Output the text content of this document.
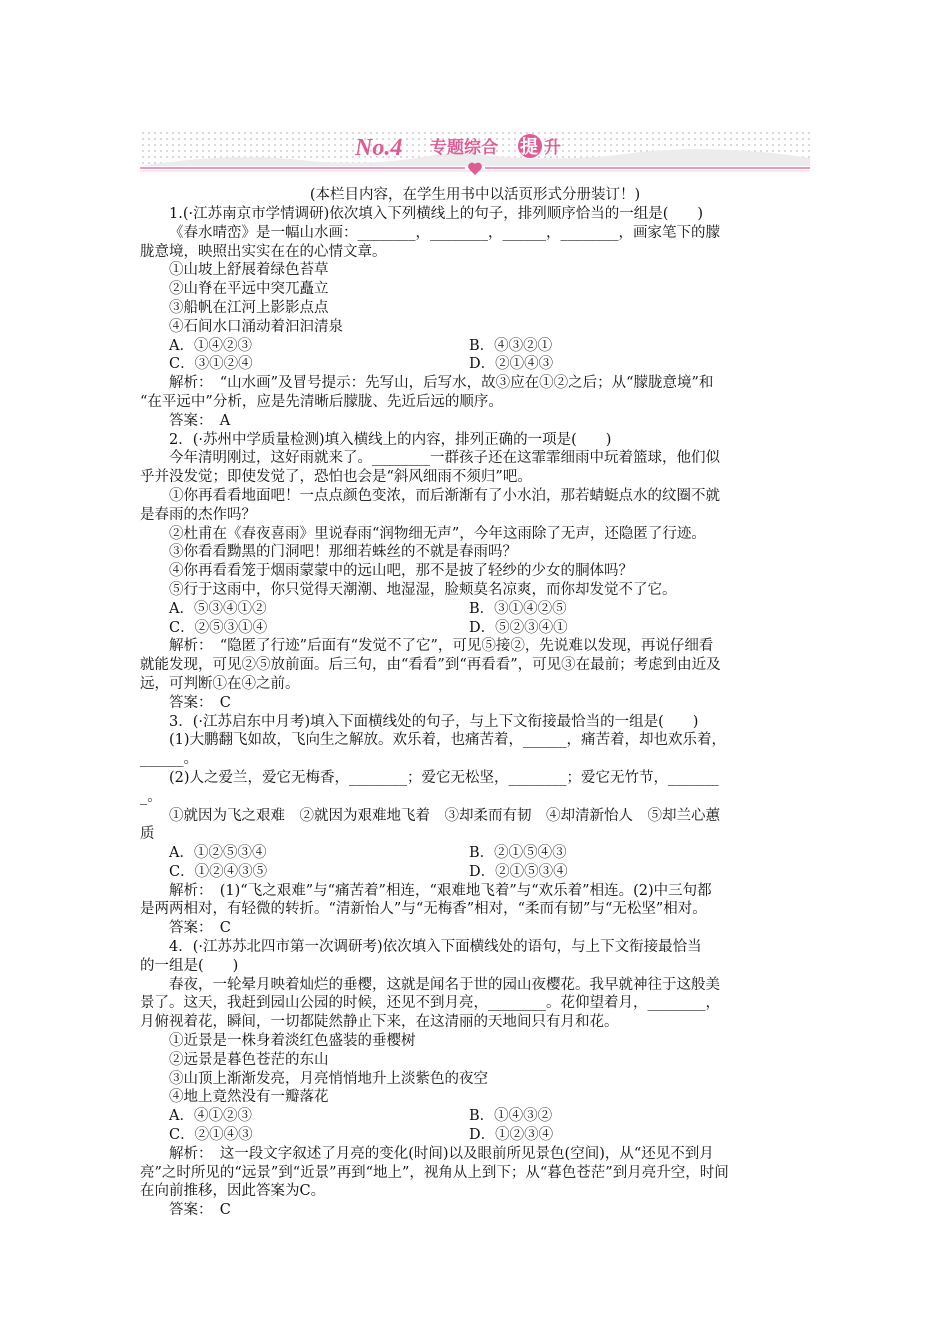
No.4 专题综合 提 升
(本栏目内容，在学生用书中以活页形式分册装订！)
1.(·江苏南京市学情调研)依次填入下列横线上的句子，排列顺序恰当的一组是(　　)
《春水晴峦》是一幅山水画：________，________，______，________，画家笔下的朦
胧意境，映照出实实在在的心情文章。
①山坡上舒展着绿色苔草
②山脊在平远中突兀矗立
③船帆在江河上影影点点
④石间水口涌动着汩汩清泉
A．①④②③	B．④③②①
C．③①②④	D．②①④③
解析：　“山水画”及冒号提示：先写山，后写水，故③应在①②之后；从“朦胧意境”和
“在平远中”分析，应是先清晰后朦胧、先近后远的顺序。
答案：　A
2．(·苏州中学质量检测)填入横线上的内容，排列正确的一项是(　　)
今年清明刚过，这好雨就来了。________一群孩子还在这霏霏细雨中玩着篮球，他们似
乎并没发觉；即使发觉了，恐怕也会是“斜风细雨不须归”吧。
①你再看看地面吧！一点点颜色变浓，而后渐渐有了小水泊，那若蜻蜓点水的纹圈不就
是春雨的杰作吗？
②杜甫在《春夜喜雨》里说春雨“润物细无声”，今年这雨除了无声，还隐匿了行迹。
③你看看黝黑的门洞吧！那细若蛛丝的不就是春雨吗？
④你再看看笼于烟雨蒙蒙中的远山吧，那不是披了轻纱的少女的胴体吗？
⑤行于这雨中，你只觉得天潮潮、地湿湿，脸颊莫名凉爽，而你却发觉不了它。
A．⑤③④①②	B．③①④②⑤
C．②⑤③①④	D．⑤②③④①
解析：　“隐匿了行迹”后面有“发觉不了它”，可见⑤接②，先说难以发现，再说仔细看
就能发现，可见②⑤放前面。后三句，由“看看”到“再看看”，可见③在最前；考虑到由近及
远，可判断①在④之前。
答案：　C
3．(·江苏启东中月考)填入下面横线处的句子，与上下文衔接最恰当的一组是(　　)
(1)大鹏翻飞如故，飞向生之解放。欢乐着，也痛苦着，______，痛苦着，却也欢乐着，
______。
(2)人之爱兰，爱它无梅香，________；爱它无松坚，________；爱它无竹节，_______
_。
①就因为飞之艰难　②就因为艰难地飞着　③却柔而有韧　④却清新怡人　⑤却兰心蕙
质
A．①②⑤③④	B．②①⑤④③
C．①②④③⑤	D．②①⑤③④
解析：　(1)“飞之艰难”与“痛苦着”相连，“艰难地飞着”与“欢乐着”相连。(2)中三句都
是两两相对，有轻微的转折。“清新怡人”与“无梅香”相对，“柔而有韧”与“无松坚”相对。
答案：　C
4．(·江苏苏北四市第一次调研考)依次填入下面横线处的语句，与上下文衔接最恰当
的一组是(　　)
春夜，一轮晕月映着灿烂的垂樱，这就是闻名于世的园山夜樱花。我早就神往于这般美
景了。这天，我赶到园山公园的时候，还见不到月亮，________。花仰望着月，________，
月俯视着花，瞬间，一切都陡然静止下来，在这清丽的天地间只有月和花。
①近景是一株身着淡红色盛装的垂樱树
②远景是暮色苍茫的东山
③山顶上渐渐发亮，月亮悄悄地升上淡紫色的夜空
④地上竟然没有一瓣落花
A．④①②③	B．①④③②
C．②①④③	D．①②③④
解析：　这一段文字叙述了月亮的变化(时间)以及眼前所见景色(空间)，从“还见不到月
亮”之时所见的“远景”到“近景”再到“地上”，视角从上到下；从“暮色苍茫”到月亮升空，时间
在向前推移，因此答案为C。
答案：　C
